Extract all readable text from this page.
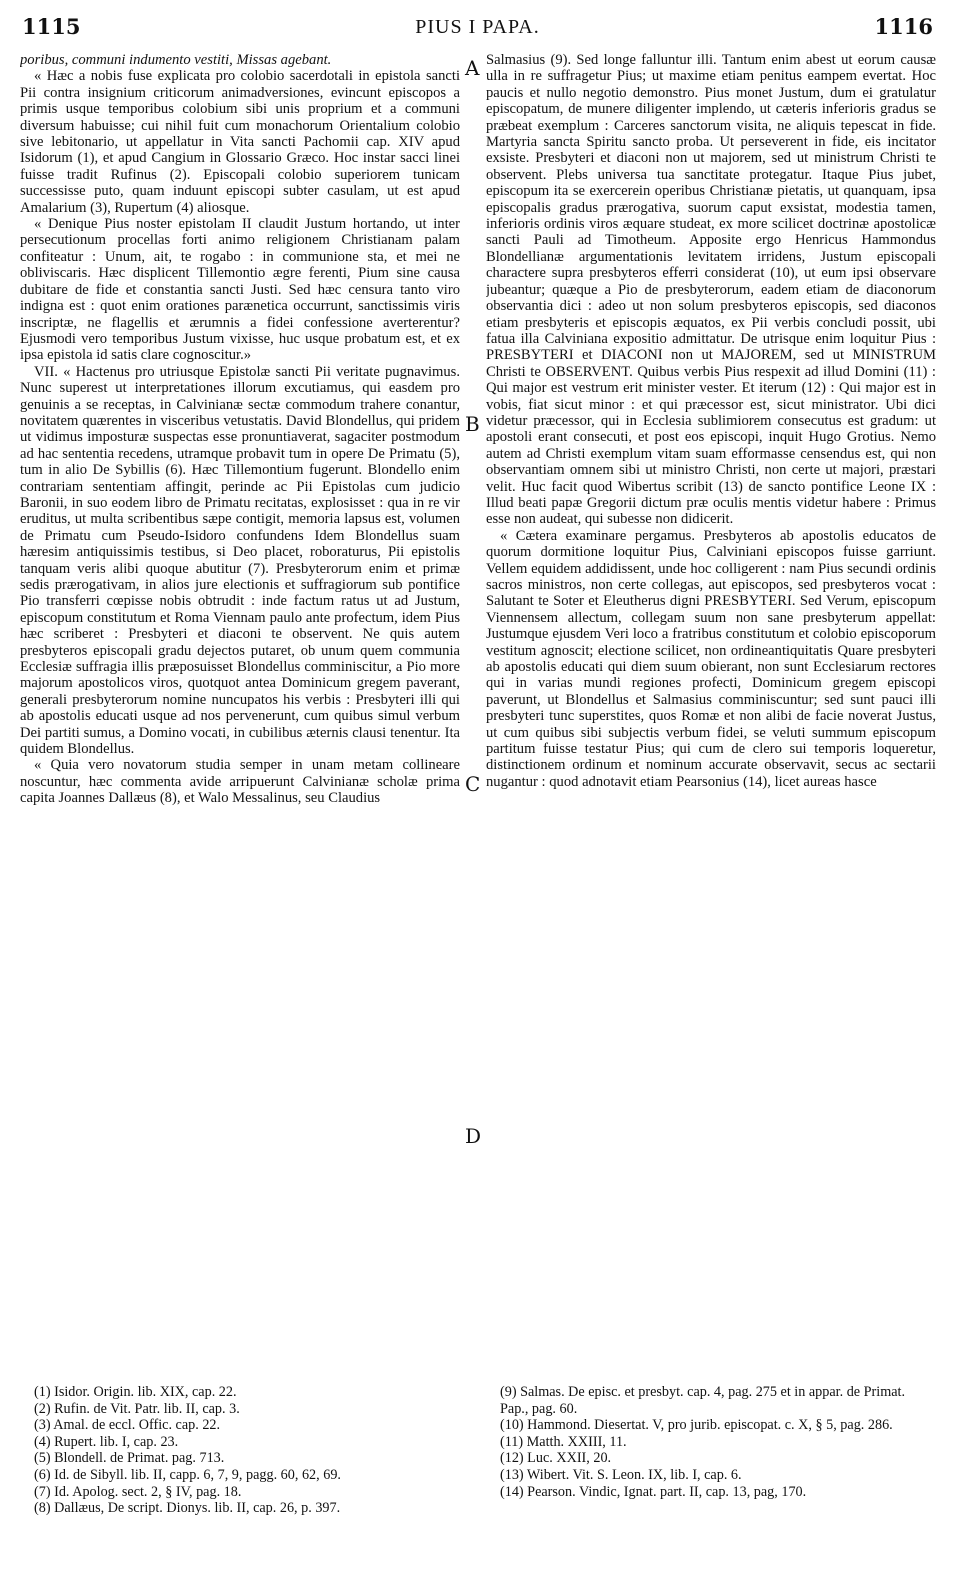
1115	PIUS I PAPA.	1116

poribus, communi indumento vestiti, Missas agebant.

« Hæc a nobis fuse explicata pro colobio sacerdotali in epistola sancti Pii contra insignium criticorum animadversiones, evincunt episcopos a primis usque temporibus colobium sibi unis proprium et a communi diversum habuisse; cui nihil fuit cum monachorum Orientalium colobio sive lebitonario, ut appellatur in Vita sancti Pachomii cap. XIV apud Isidorum (1), et apud Cangium in Glossario Græco. Hoc instar sacci linei fuisse tradit Rufinus (2). Episcopali colobio superiorem tunicam successisse puto, quam induunt episcopi subter casulam, ut est apud Amalarium (3), Rupertum (4) aliosque.

« Denique Pius noster epistolam II claudit Justum hortando, ut inter persecutionum procellas forti animo religionem Christianam palam confiteatur : Unum, ait, te rogabo : in communione sta, et mei ne obliviscaris. Hæc displicent Tillemontio ægre ferenti, Pium sine causa dubitare de fide et constantia sancti Justi. Sed hæc censura tanto viro indigna est : quot enim orationes parænetica occurrunt, sanctissimis viris inscriptæ, ne flagellis et ærumnis a fidei confessione averterentur? Ejusmodi vero temporibus Justum vixisse, huc usque probatum est, et ex ipsa epistola id satis clare cognoscitur.»

VII. « Hactenus pro utriusque Epistolæ sancti Pii veritate pugnavimus. Nunc superest ut interpretationes illorum excutiamus, qui easdem pro genuinis a se receptas, in Calvinianæ sectæ commodum trahere conantur, novitatem quærentes in visceribus vetustatis. David Blondellus, qui pridem ut vidimus imposturæ suspectas esse pronuntiaverat, sagaciter postmodum ad hac sententia recedens, utramque probavit tum in opere De Primatu (5), tum in alio De Sybillis (6). Hæc Tillemontium fugerunt. Blondello enim contrariam sententiam affingit, perinde ac Pii Epistolas cum judicio Baronii, in suo eodem libro de Primatu recitatas, explosisset : qua in re vir eruditus, ut multa scribentibus sæpe contigit, memoria lapsus est, volumen de Primatu cum Pseudo-Isidoro confundens Idem Blondellus suam hæresim antiquissimis testibus, si Deo placet, roboraturus, Pii epistolis tanquam veris alibi quoque abutitur (7). Presbyterorum enim et primæ sedis prærogativam, in alios jure electionis et suffragiorum sub pontifice Pio transferri cœpisse nobis obtrudit : inde factum ratus ut ad Justum, episcopum constitutum et Roma Viennam paulo ante profectum, idem Pius hæc scriberet : Presbyteri et diaconi te observent. Ne quis autem presbyteros episcopali gradu dejectos putaret, ob unum quem communia Ecclesiæ suffragia illis præposuisset Blondellus comminiscitur, a Pio more majorum apostolicos viros, quotquot antea Dominicum gregem paverant, generali presbyterorum nomine nuncupatos his verbis : Presbyteri illi qui ab apostolis educati usque ad nos pervenerunt, cum quibus simul verbum Dei partiti sumus, a Domino vocati, in cubilibus æternis clausi tenentur. Ita quidem Blondellus.

« Quia vero novatorum studia semper in unam metam collineare noscuntur, hæc commenta avide arripuerunt Calvinianæ scholæ prima capita Joannes Dallæus (8), et Walo Messalinus, seu Claudius

A
B
C
D

Salmasius (9). Sed longe falluntur illi. Tantum enim abest ut eorum causæ ulla in re suffragetur Pius; ut maxime etiam penitus eampem evertat. Hoc paucis et nullo negotio demonstro. Pius monet Justum, dum ei gratulatur episcopatum, de munere diligenter implendo, ut cæteris inferioris gradus se præbeat exemplum : Carceres sanctorum visita, ne aliquis tepescat in fide. Martyria sancta Spiritu sancto proba. Ut perseverent in fide, eis incitator exsiste. Presbyteri et diaconi non ut majorem, sed ut ministrum Christi te observent. Plebs universa tua sanctitate protegatur. Itaque Pius jubet, episcopum ita se exercerein operibus Christianæ pietatis, ut quanquam, ipsa episcopalis gradus prærogativa, suorum caput exsistat, modestia tamen, inferioris ordinis viros æquare studeat, ex more scilicet doctrinæ apostolicæ sancti Pauli ad Timotheum. Apposite ergo Henricus Hammondus Blondellianæ argumentationis levitatem irridens, Justum episcopali charactere supra presbyteros efferri considerat (10), ut eum ipsi observare jubeantur; quæque a Pio de presbyterorum, eadem etiam de diaconorum observantia dici : adeo ut non solum presbyteros episcopis, sed diaconos etiam presbyteris et episcopis æquatos, ex Pii verbis concludi possit, ubi fatua illa Calviniana expositio admittatur. De utrisque enim loquitur Pius : PRESBYTERI et DIACONI non ut MAJOREM, sed ut MINISTRUM Christi te OBSERVENT. Quibus verbis Pius respexit ad illud Domini (11) : Qui major est vestrum erit minister vester. Et iterum (12) : Qui major est in vobis, fiat sicut minor : et qui præcessor est, sicut ministrator. Ubi dici videtur præcessor, qui in Ecclesia sublimiorem consecutus est gradum: ut apostoli erant consecuti, et post eos episcopi, inquit Hugo Grotius. Nemo autem ad Christi exemplum vitam suam efformasse censendus est, qui non observantiam omnem sibi ut ministro Christi, non certe ut majori, præstari velit. Huc facit quod Wibertus scribit (13) de sancto pontifice Leone IX : Illud beati papæ Gregorii dictum præ oculis mentis videtur habere : Primus esse non audeat, qui subesse non didicerit.

« Cætera examinare pergamus. Presbyteros ab apostolis educatos de quorum dormitione loquitur Pius, Calviniani episcopos fuisse garriunt. Vellem equidem addidissent, unde hoc colligerent : nam Pius secundi ordinis sacros ministros, non certe collegas, aut episcopos, sed presbyteros vocat : Salutant te Soter et Eleutherus digni PRESBYTERI. Sed Verum, episcopum Viennensem allectum, collegam suum non sane presbyterum appellat: Justumque ejusdem Veri loco a fratribus constitutum et colobio episcoporum vestitum agnoscit; electione scilicet, non ordineantiquitatis Quare presbyteri ab apostolis educati qui diem suum obierant, non sunt Ecclesiarum rectores qui in varias mundi regiones profecti, Dominicum gregem episcopi paverunt, ut Blondellus et Salmasius comminiscuntur; sed sunt pauci illi presbyteri tunc superstites, quos Romæ et non alibi de facie noverat Justus, ut cum quibus sibi subjectis verbum fidei, se veluti summum episcopum partitum fuisse testatur Pius; qui cum de clero sui temporis loqueretur, distinctionem ordinum et nominum accurate observavit, secus ac sectarii nugantur : quod adnotavit etiam Pearsonius (14), licet aureas hasce

(1) Isidor. Origin. lib. XIX, cap. 22.

(2) Rufin. de Vit. Patr. lib. II, cap. 3.

(3) Amal. de eccl. Offic. cap. 22.

(4) Rupert. lib. I, cap. 23.

(5) Blondell. de Primat. pag. 713.

(6) Id. de Sibyll. lib. II, capp. 6, 7, 9, pagg. 60, 62, 69.

(7) Id. Apolog. sect. 2, § IV, pag. 18.

(8) Dallæus, De script. Dionys. lib. II, cap. 26, p. 397.

(9) Salmas. De episc. et presbyt. cap. 4, pag. 275 et in appar. de Primat. Pap., pag. 60.

(10) Hammond. Diesertat. V, pro jurib. episcopat. c. X, § 5, pag. 286.

(11) Matth. XXIII, 11.

(12) Luc. XXII, 20.

(13) Wibert. Vit. S. Leon. IX, lib. I, cap. 6.

(14) Pearson. Vindic, Ignat. part. II, cap. 13, pag, 170.
